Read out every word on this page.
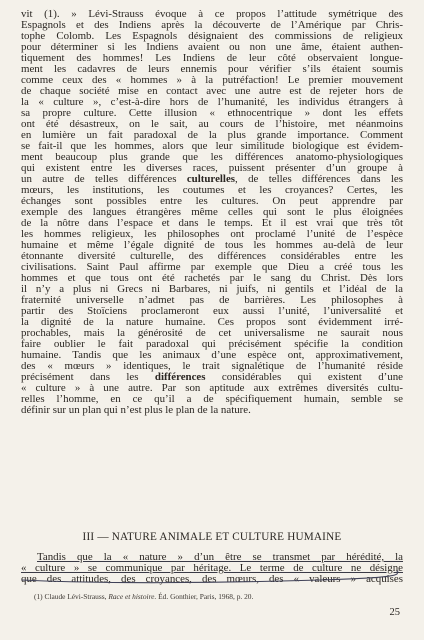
vit (1). » Lévi-Strauss évoque à ce propos l’attitude symétrique des
Espagnols et des Indiens après la découverte de l’Amérique par Chris-
tophe Colomb. Les Espagnols désignaient des commissions de religieux
pour déterminer si les Indiens avaient ou non une âme, étaient authen-
tiquement des hommes! Les Indiens de leur côté observaient longue-
ment les cadavres de leurs ennemis pour vérifier s’ils étaient soumis
comme ceux des « hommes » à la putréfaction! Le premier mouvement
de chaque société mise en contact avec une autre est de rejeter hors de
la « culture », c’est-à-dire hors de l’humanité, les individus étrangers à
sa propre culture. Cette illusion « ethnocentrique » dont les effets
ont été désastreux, on le sait, au cours de l’histoire, met néanmoins
en lumière un fait paradoxal de la plus grande importance. Comment
se fait-il que les hommes, alors que leur similitude biologique est évidem-
ment beaucoup plus grande que les différences anatomo-physiologiques
qui existent entre les diverses races, puissent présenter d’un groupe à
un autre de telles différences culturelles, de telles différences dans les
mœurs, les institutions, les coutumes et les croyances? Certes, les
échanges sont possibles entre les cultures. On peut apprendre par
exemple des langues étrangères même celles qui sont le plus éloignées
de la nôtre dans l’espace et dans le temps. Et il est vrai que très tôt
les hommes religieux, les philosophes ont proclamé l’unité de l’espèce
humaine et même l’égale dignité de tous les hommes au-delà de leur
étonnante diversité culturelle, des différences considérables entre les
civilisations. Saint Paul affirme par exemple que Dieu a créé tous les
hommes et que tous ont été rachetés par le sang du Christ. Dès lors
il n’y a plus ni Grecs ni Barbares, ni juifs, ni gentils et l’idéal de la
fraternité universelle n’admet pas de barrières. Les philosophes à
partir des Stoïciens proclameront eux aussi l’unité, l’universalité et
la dignité de la nature humaine. Ces propos sont évidemment irré-
prochables, mais la générosité de cet universalisme ne saurait nous
faire oublier le fait paradoxal qui précisément spécifie la condition
humaine. Tandis que les animaux d’une espèce ont, approximativement,
des « mœurs » identiques, le trait signalétique de l’humanité réside
précisément dans les différences considérables qui existent d’une
« culture » à une autre. Par son aptitude aux extrêmes diversités cultu-
relles l’homme, en ce qu’il a de spécifiquement humain, semble se
définir sur un plan qui n’est plus le plan de la nature.
III — NATURE ANIMALE ET CULTURE HUMAINE
Tandis que la « nature » d’un être se transmet par hérédité, la
« culture » se communique par héritage. Le terme de culture ne désigne
que des attitudes, des croyances, des mœurs, des « valeurs » acquises
(1) Claude Lévi-Strauss, Race et histoire. Éd. Gonthier, Paris, 1968, p. 20.
25
